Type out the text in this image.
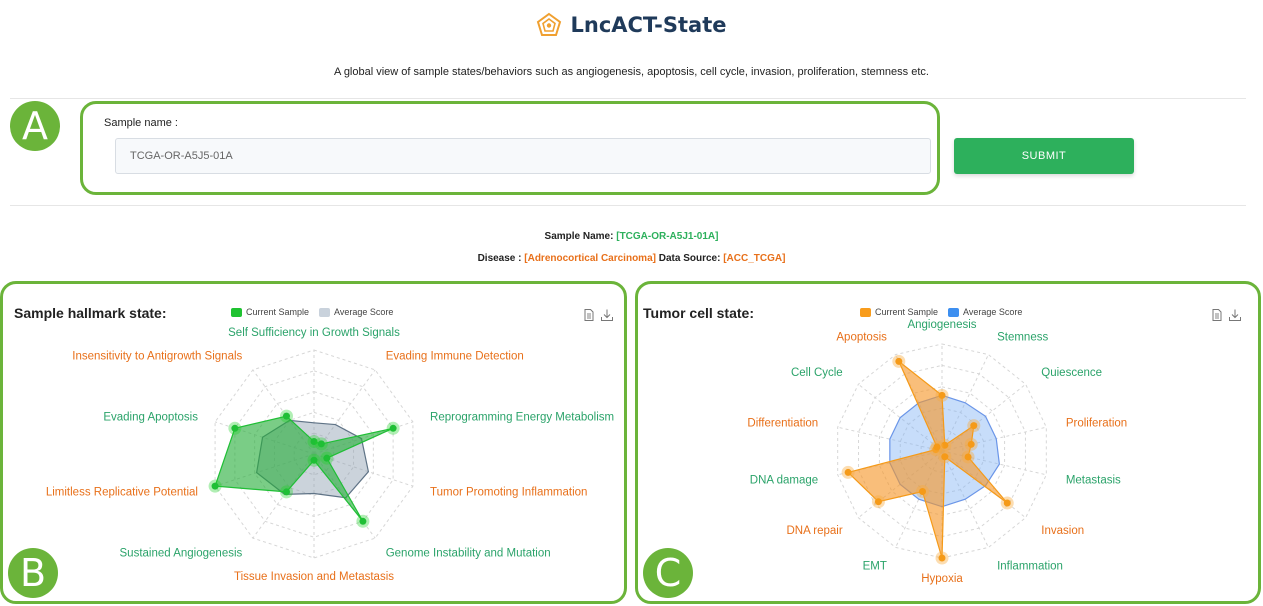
LncACT-State
A global view of sample states/behaviors such as angiogenesis, apoptosis, cell cycle, invasion, proliferation, stemness etc.
A	Sample name :
TCGA-OR-A5J5-01A
SUBMIT
Sample Name: [TCGA-OR-A5J1-01A]
Disease : [Adrenocortical Carcinoma] Data Source: [ACC_TCGA]
Sample hallmark state:	Current Sample	Average Score
Self Sufficiency in Growth Signals
Evading Immune Detection
Reprogramming Energy Metabolism
Tumor Promoting Inflammation
Genome Instability and Mutation
Tissue Invasion and Metastasis
Sustained Angiogenesis
Limitless Replicative Potential
Evading Apoptosis
Insensitivity to Antigrowth Signals
B
Tumor cell state:	Current Sample	Average Score
Angiogenesis
Stemness
Quiescence
Proliferation
Metastasis
Invasion
Inflammation
Hypoxia
EMT
DNA repair
DNA damage
Differentiation
Cell Cycle
Apoptosis
C
